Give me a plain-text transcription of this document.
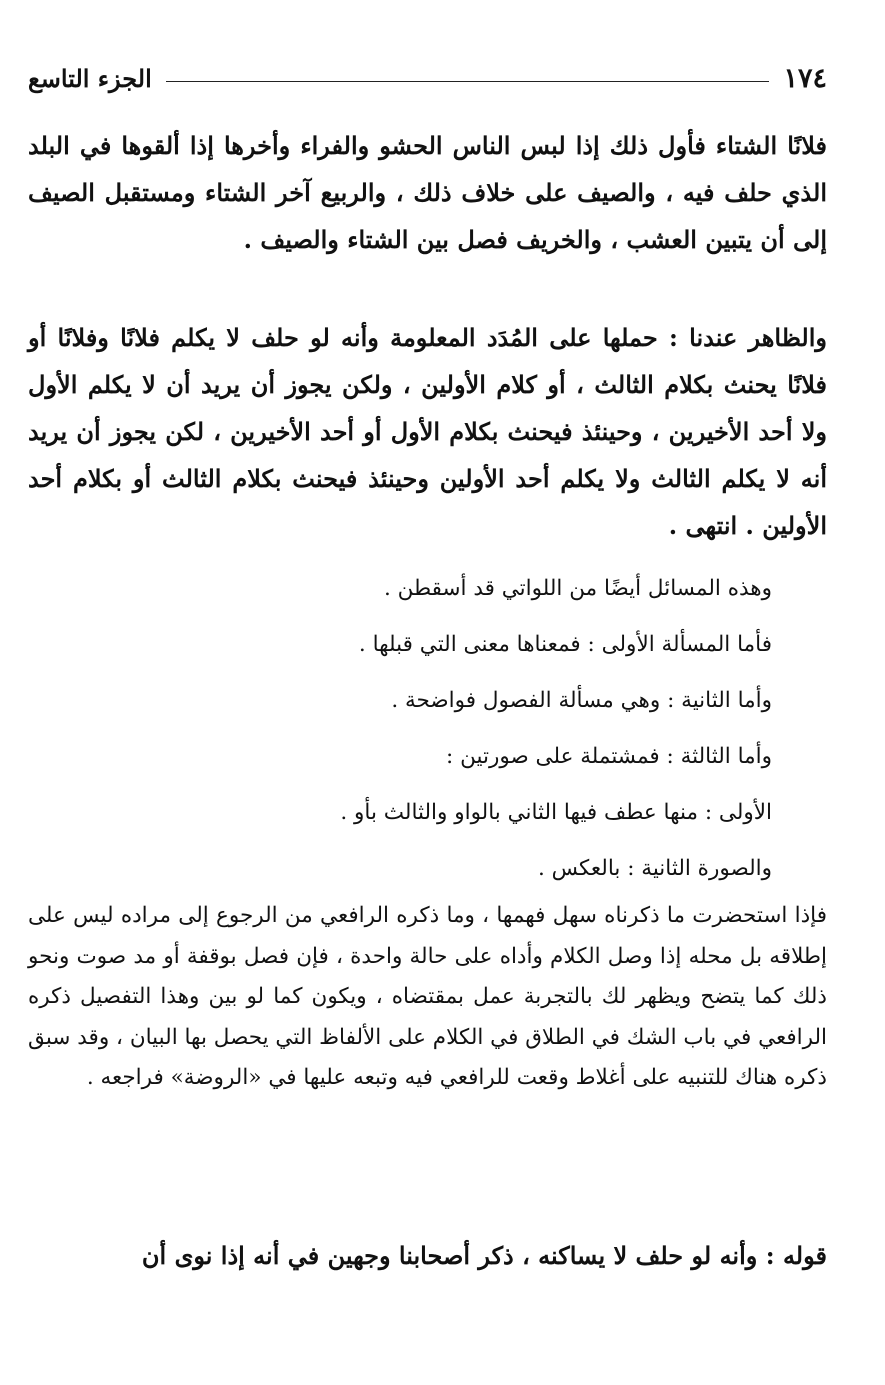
١٧٤
الجزء التاسع

فلانًا الشتاء فأول ذلك إذا لبس الناس الحشو والفراء وأخرها إذا ألقوها في البلد الذي حلف فيه ، والصيف على خلاف ذلك ، والربيع آخر الشتاء ومستقبل الصيف إلى أن يتبين العشب ، والخريف فصل بين الشتاء والصيف .

والظاهر عندنا : حملها على المُدَد المعلومة وأنه لو حلف لا يكلم فلانًا وفلانًا أو فلانًا يحنث بكلام الثالث ، أو كلام الأولين ، ولكن يجوز أن يريد أن لا يكلم الأول ولا أحد الأخيرين ، وحينئذ فيحنث بكلام الأول أو أحد الأخيرين ، لكن يجوز أن يريد أنه لا يكلم الثالث ولا يكلم أحد الأولين وحينئذ فيحنث بكلام الثالث أو بكلام أحد الأولين . انتهى .

وهذه المسائل أيضًا من اللواتي قد أسقطن .
فأما المسألة الأولى : فمعناها معنى التي قبلها .
وأما الثانية : وهي مسألة الفصول فواضحة .
وأما الثالثة : فمشتملة على صورتين :
الأولى : منها عطف فيها الثاني بالواو والثالث بأو .
والصورة الثانية : بالعكس .

فإذا استحضرت ما ذكرناه سهل فهمها ، وما ذكره الرافعي من الرجوع إلى مراده ليس على إطلاقه بل محله إذا وصل الكلام وأداه على حالة واحدة ، فإن فصل بوقفة أو مد صوت ونحو ذلك كما يتضح ويظهر لك بالتجربة عمل بمقتضاه ، ويكون كما لو بين وهذا التفصيل ذكره الرافعي في باب الشك في الطلاق في الكلام على الألفاظ التي يحصل بها البيان ، وقد سبق ذكره هناك للتنبيه على أغلاط وقعت للرافعي فيه وتبعه عليها في «الروضة» فراجعه .

قوله : وأنه لو حلف لا يساكنه ، ذكر أصحابنا وجهين في أنه إذا نوى أن
